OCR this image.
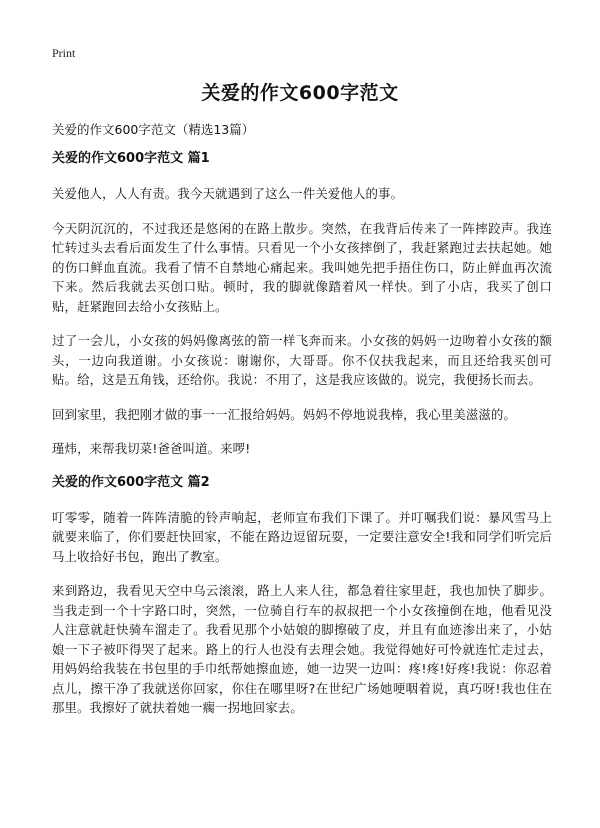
Print
关爱的作文600字范文
关爱的作文600字范文（精选13篇）
关爱的作文600字范文 篇1

关爱他人，人人有责。我今天就遇到了这么一件关爱他人的事。

今天阴沉沉的，不过我还是悠闲的在路上散步。突然，在我背后传来了一阵摔跤声。我连忙转过头去看后面发生了什么事情。只看见一个小女孩摔倒了，我赶紧跑过去扶起她。她的伤口鲜血直流。我看了情不自禁地心痛起来。我叫她先把手捂住伤口，防止鲜血再次流下来。然后我就去买创口贴。顿时，我的脚就像踏着风一样快。到了小店，我买了创口贴，赶紧跑回去给小女孩贴上。

过了一会儿，小女孩的妈妈像离弦的箭一样飞奔而来。小女孩的妈妈一边吻着小女孩的额头，一边向我道谢。小女孩说：谢谢你，大哥哥。你不仅扶我起来，而且还给我买创可贴。给，这是五角钱，还给你。我说：不用了，这是我应该做的。说完，我便扬长而去。

回到家里，我把刚才做的事一一汇报给妈妈。妈妈不停地说我棒，我心里美滋滋的。

瑾炜，来帮我切菜!爸爸叫道。来啰!

关爱的作文600字范文 篇2

叮零零，随着一阵阵清脆的铃声响起，老师宣布我们下课了。并叮嘱我们说：暴风雪马上就要来临了，你们要赶快回家，不能在路边逗留玩耍，一定要注意安全!我和同学们听完后马上收拾好书包，跑出了教室。

来到路边，我看见天空中乌云滚滚，路上人来人往，都急着往家里赶，我也加快了脚步。当我走到一个十字路口时，突然，一位骑自行车的叔叔把一个小女孩撞倒在地，他看见没人注意就赶快骑车溜走了。我看见那个小姑娘的脚擦破了皮，并且有血迹渗出来了，小姑娘一下子被吓得哭了起来。路上的行人也没有去理会她。我觉得她好可怜就连忙走过去，用妈妈给我装在书包里的手巾纸帮她擦血迹，她一边哭一边叫：疼!疼!好疼!我说：你忍着点儿，擦干净了我就送你回家，你住在哪里呀?在世纪广场她哽咽着说，真巧呀!我也住在那里。我擦好了就扶着她一瘸一拐地回家去。
